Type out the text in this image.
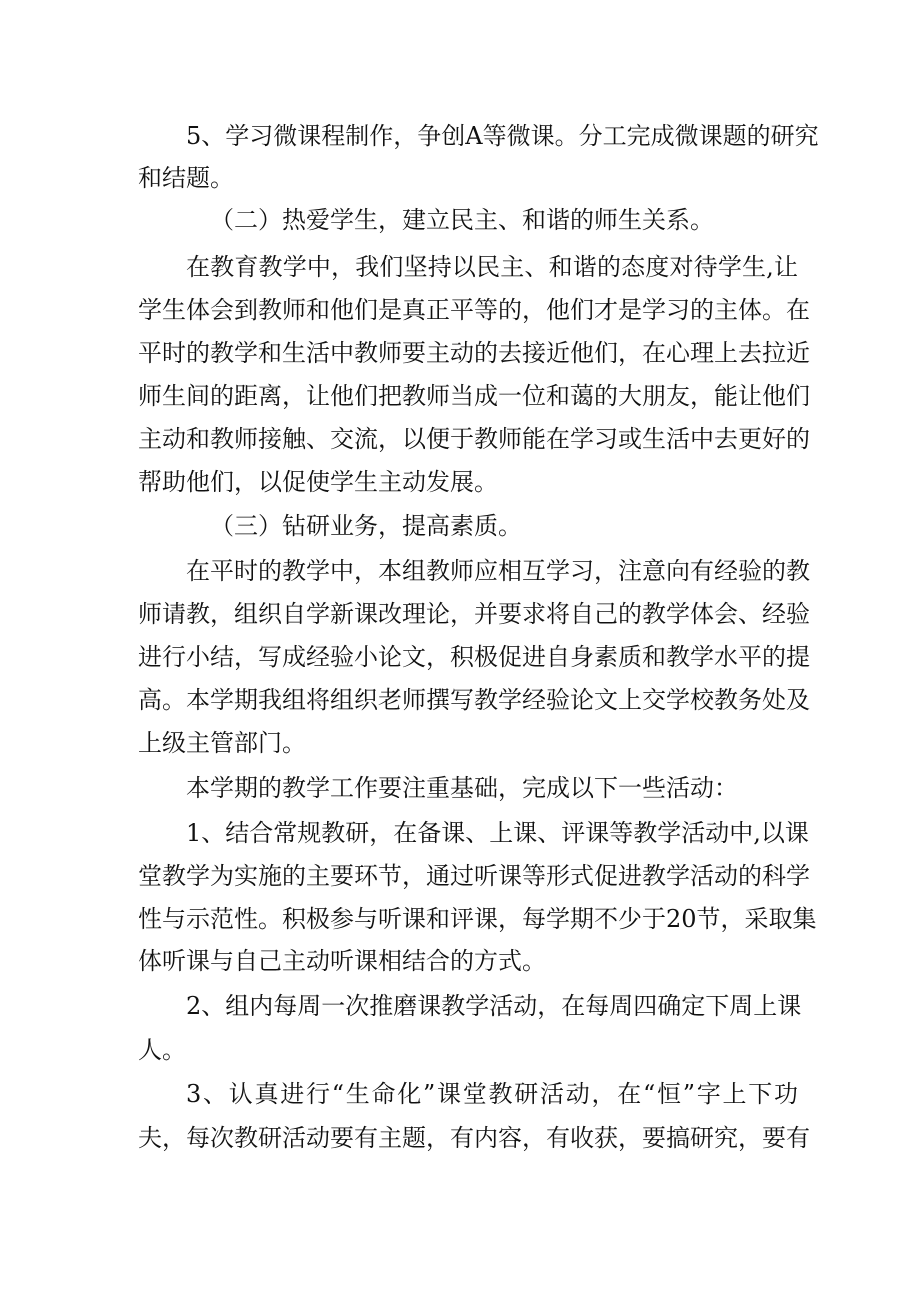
5、学习微课程制作，争创A等微课。分工完成微课题的研究

和结题。

（二）热爱学生，建立民主、和谐的师生关系。

在教育教学中，我们坚持以民主、和谐的态度对待学生,让

学生体会到教师和他们是真正平等的，他们才是学习的主体。在

平时的教学和生活中教师要主动的去接近他们，在心理上去拉近

师生间的距离，让他们把教师当成一位和蔼的大朋友，能让他们

主动和教师接触、交流，以便于教师能在学习或生活中去更好的

帮助他们，以促使学生主动发展。

（三）钻研业务，提高素质。

在平时的教学中，本组教师应相互学习，注意向有经验的教

师请教，组织自学新课改理论，并要求将自己的教学体会、经验

进行小结，写成经验小论文，积极促进自身素质和教学水平的提

高。本学期我组将组织老师撰写教学经验论文上交学校教务处及

上级主管部门。

本学期的教学工作要注重基础，完成以下一些活动：

1、结合常规教研，在备课、上课、评课等教学活动中,以课

堂教学为实施的主要环节，通过听课等形式促进教学活动的科学

性与示范性。积极参与听课和评课，每学期不少于20节，采取集

体听课与自己主动听课相结合的方式。

2、组内每周一次推磨课教学活动，在每周四确定下周上课

人。

3、认真进行“生命化”课堂教研活动，在“恒”字上下功

夫，每次教研活动要有主题，有内容，有收获，要搞研究，要有
